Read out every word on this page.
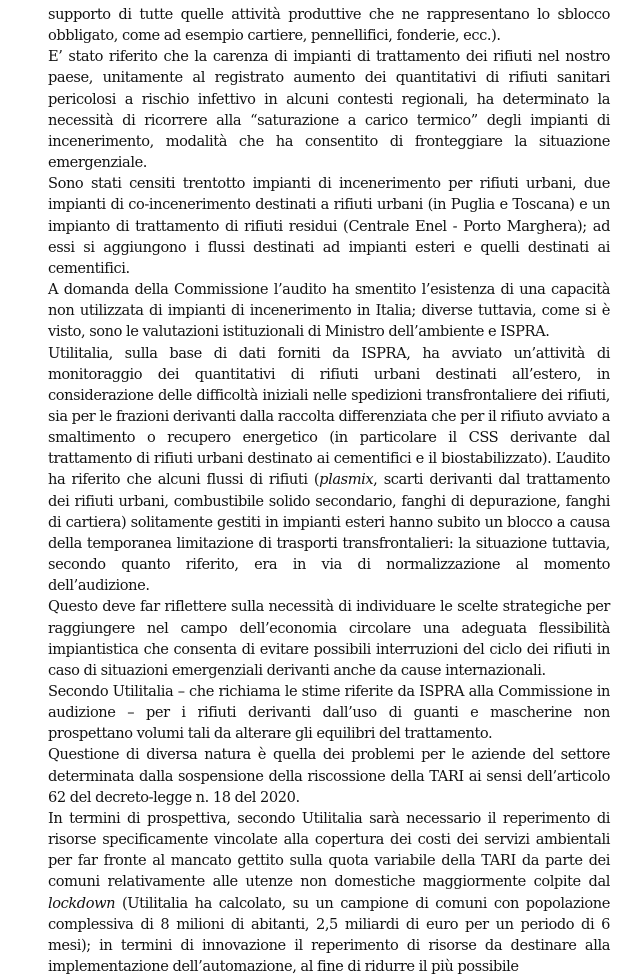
supporto di tutte quelle attività produttive che ne rappresentano lo sblocco obbligato, come ad esempio cartiere, pennellifici, fonderie, ecc.).

E’ stato riferito che la carenza di impianti di trattamento dei rifiuti nel nostro paese, unitamente al registrato aumento dei quantitativi di rifiuti sanitari pericolosi a rischio infettivo in alcuni contesti regionali, ha determinato la necessità di ricorrere alla “saturazione a carico termico” degli impianti di incenerimento, modalità che ha consentito di fronteggiare la situazione emergenziale.

Sono stati censiti trentotto impianti di incenerimento per rifiuti urbani, due impianti di co-incenerimento destinati a rifiuti urbani (in Puglia e Toscana) e un impianto di trattamento di rifiuti residui (Centrale Enel - Porto Marghera); ad essi si aggiungono i flussi destinati ad impianti esteri e quelli destinati ai cementifici.

A domanda della Commissione l’audito ha smentito l’esistenza di una capacità non utilizzata di impianti di incenerimento in Italia; diverse tuttavia, come si è visto, sono le valutazioni istituzionali di Ministro dell’ambiente e ISPRA.

Utilitalia, sulla base di dati forniti da ISPRA, ha avviato un’attività di monitoraggio dei quantitativi di rifiuti urbani destinati all’estero, in considerazione delle difficoltà iniziali nelle spedizioni transfrontaliere dei rifiuti, sia per le frazioni derivanti dalla raccolta differenziata che per il rifiuto avviato a smaltimento o recupero energetico (in particolare il CSS derivante dal trattamento di rifiuti urbani destinato ai cementifici e il biostabilizzato). L’audito ha riferito che alcuni flussi di rifiuti (plasmix, scarti derivanti dal trattamento dei rifiuti urbani, combustibile solido secondario, fanghi di depurazione, fanghi di cartiera) solitamente gestiti in impianti esteri hanno subito un blocco a causa della temporanea limitazione di trasporti transfrontalieri: la situazione tuttavia, secondo quanto riferito, era in via di normalizzazione al momento dell’audizione.

Questo deve far riflettere sulla necessità di individuare le scelte strategiche per raggiungere nel campo dell’economia circolare una adeguata flessibilità impiantistica che consenta di evitare possibili interruzioni del ciclo dei rifiuti in caso di situazioni emergenziali derivanti anche da cause internazionali.

Secondo Utilitalia – che richiama le stime riferite da ISPRA alla Commissione in audizione – per i rifiuti derivanti dall’uso di guanti e mascherine non prospettano volumi tali da alterare gli equilibri del trattamento.

Questione di diversa natura è quella dei problemi per le aziende del settore determinata dalla sospensione della riscossione della TARI ai sensi dell’articolo 62 del decreto-legge n. 18 del 2020.

In termini di prospettiva, secondo Utilitalia sarà necessario il reperimento di risorse specificamente vincolate alla copertura dei costi dei servizi ambientali per far fronte al mancato gettito sulla quota variabile della TARI da parte dei comuni relativamente alle utenze non domestiche maggiormente colpite dal lockdown (Utilitalia ha calcolato, su un campione di comuni con popolazione complessiva di 8 milioni di abitanti, 2,5 miliardi di euro per un periodo di 6 mesi); in termini di innovazione il reperimento di risorse da destinare alla implementazione dell’automazione, al fine di ridurre il più possibile
